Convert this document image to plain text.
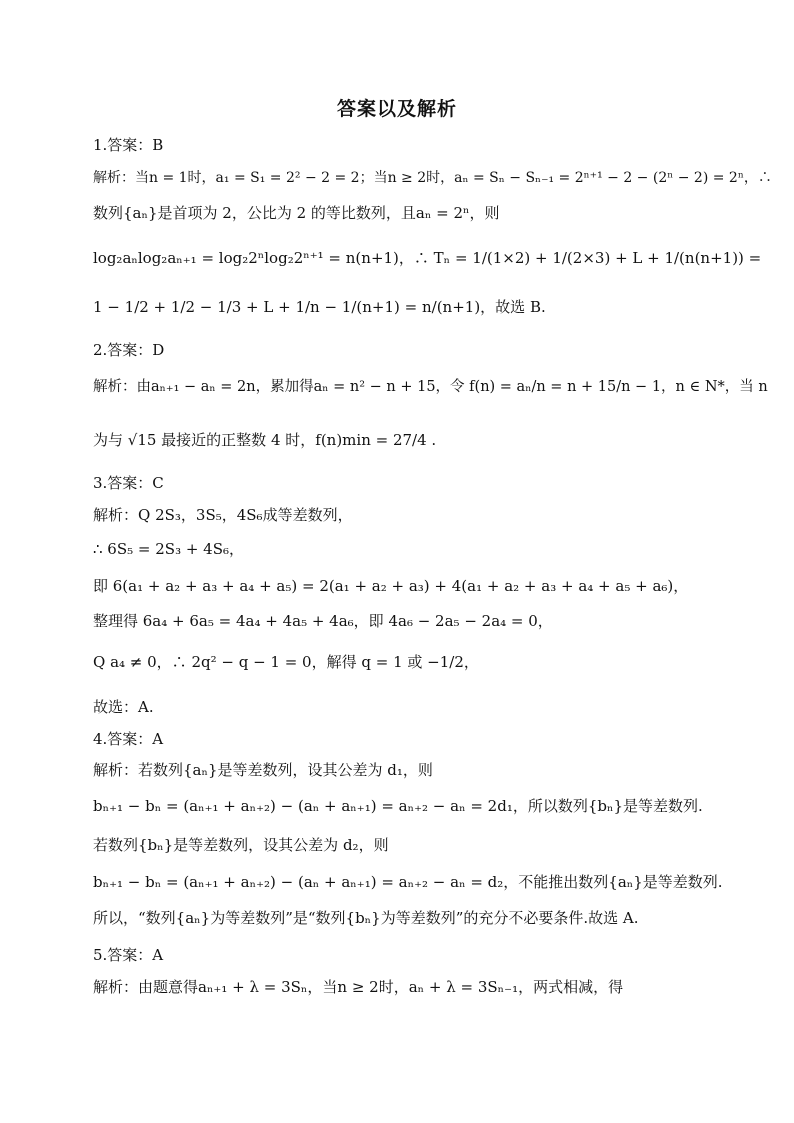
答案以及解析
1.答案：B
解析：当n = 1时，a₁ = S₁ = 2² − 2 = 2；当n ≥ 2时，aₙ = Sₙ − Sₙ₋₁ = 2ⁿ⁺¹ − 2 − (2ⁿ − 2) = 2ⁿ，∴
数列{aₙ}是首项为 2，公比为 2 的等比数列，且aₙ = 2ⁿ，则
log₂aₙlog₂aₙ₊₁ = log₂2ⁿlog₂2ⁿ⁺¹ = n(n+1)，∴ Tₙ = 1/(1×2) + 1/(2×3) + L + 1/(n(n+1)) =
1 − 1/2 + 1/2 − 1/3 + L + 1/n − 1/(n+1) = n/(n+1)，故选 B.
2.答案：D
解析：由aₙ₊₁ − aₙ = 2n，累加得aₙ = n² − n + 15，令 f(n) = aₙ/n = n + 15/n − 1，n ∈ N*，当 n
为与 √15 最接近的正整数 4 时，f(n)min = 27/4 .
3.答案：C
解析：Q 2S₃，3S₅，4S₆成等差数列，
∴ 6S₅ = 2S₃ + 4S₆，
即 6(a₁ + a₂ + a₃ + a₄ + a₅) = 2(a₁ + a₂ + a₃) + 4(a₁ + a₂ + a₃ + a₄ + a₅ + a₆)，
整理得 6a₄ + 6a₅ = 4a₄ + 4a₅ + 4a₆，即 4a₆ − 2a₅ − 2a₄ = 0，
Q a₄ ≠ 0，∴ 2q² − q − 1 = 0，解得 q = 1 或 −1/2，
故选：A.
4.答案：A
解析：若数列{aₙ}是等差数列，设其公差为 d₁，则
bₙ₊₁ − bₙ = (aₙ₊₁ + aₙ₊₂) − (aₙ + aₙ₊₁) = aₙ₊₂ − aₙ = 2d₁，所以数列{bₙ}是等差数列.
若数列{bₙ}是等差数列，设其公差为 d₂，则
bₙ₊₁ − bₙ = (aₙ₊₁ + aₙ₊₂) − (aₙ + aₙ₊₁) = aₙ₊₂ − aₙ = d₂，不能推出数列{aₙ}是等差数列.
所以，“数列{aₙ}为等差数列”是“数列{bₙ}为等差数列”的充分不必要条件.故选 A.
5.答案：A
解析：由题意得aₙ₊₁ + λ = 3Sₙ，当n ≥ 2时，aₙ + λ = 3Sₙ₋₁，两式相减，得
